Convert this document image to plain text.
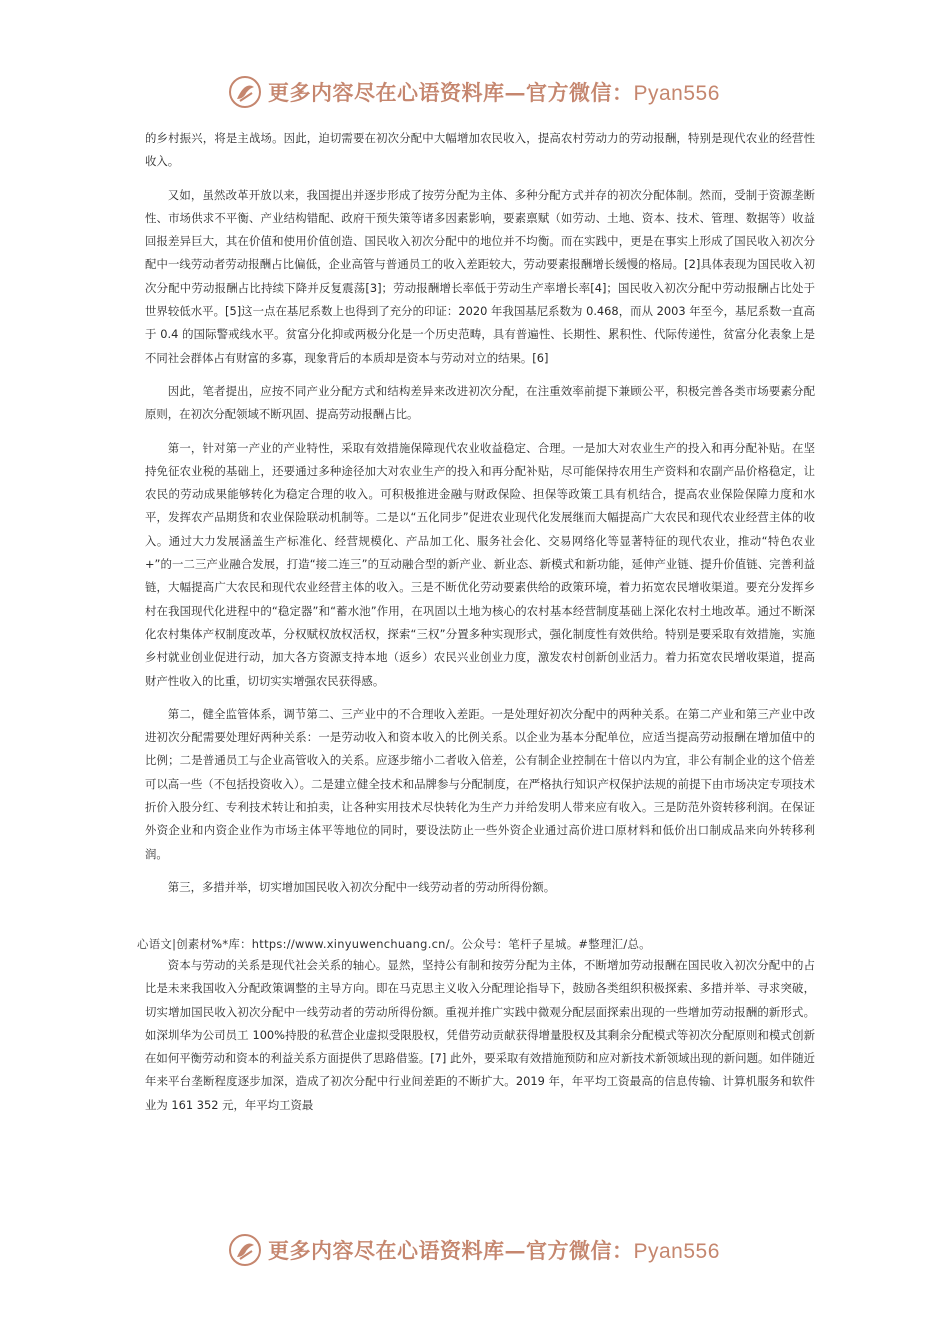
更多内容尽在心语资料库—官方微信：Pyan556

的乡村振兴，将是主战场。因此，迫切需要在初次分配中大幅增加农民收入，提高农村劳动力的劳动报酬，特别是现代农业的经营性收入。

又如，虽然改革开放以来，我国提出并逐步形成了按劳分配为主体、多种分配方式并存的初次分配体制。然而，受制于资源垄断性、市场供求不平衡、产业结构错配、政府干预失策等诸多因素影响，要素禀赋（如劳动、土地、资本、技术、管理、数据等）收益回报差异巨大，其在价值和使用价值创造、国民收入初次分配中的地位并不均衡。而在实践中，更是在事实上形成了国民收入初次分配中一线劳动者劳动报酬占比偏低，企业高管与普通员工的收入差距较大，劳动要素报酬增长缓慢的格局。[2]具体表现为国民收入初次分配中劳动报酬占比持续下降并反复震荡[3]；劳动报酬增长率低于劳动生产率增长率[4]；国民收入初次分配中劳动报酬占比处于世界较低水平。[5]这一点在基尼系数上也得到了充分的印证：2020 年我国基尼系数为 0.468，而从 2003 年至今，基尼系数一直高于 0.4 的国际警戒线水平。贫富分化抑或两极分化是一个历史范畴，具有普遍性、长期性、累积性、代际传递性，贫富分化表象上是不同社会群体占有财富的多寡，现象背后的本质却是资本与劳动对立的结果。[6]

因此，笔者提出，应按不同产业分配方式和结构差异来改进初次分配，在注重效率前提下兼顾公平，积极完善各类市场要素分配原则，在初次分配领域不断巩固、提高劳动报酬占比。

第一，针对第一产业的产业特性，采取有效措施保障现代农业收益稳定、合理。一是加大对农业生产的投入和再分配补贴。在坚持免征农业税的基础上，还要通过多种途径加大对农业生产的投入和再分配补贴，尽可能保持农用生产资料和农副产品价格稳定，让农民的劳动成果能够转化为稳定合理的收入。可积极推进金融与财政保险、担保等政策工具有机结合，提高农业保险保障力度和水平，发挥农产品期货和农业保险联动机制等。二是以“五化同步”促进农业现代化发展继而大幅提高广大农民和现代农业经营主体的收入。通过大力发展涵盖生产标准化、经营规模化、产品加工化、服务社会化、交易网络化等显著特征的现代农业，推动“特色农业+”的一二三产业融合发展，打造“接二连三”的互动融合型的新产业、新业态、新模式和新功能，延伸产业链、提升价值链、完善利益链，大幅提高广大农民和现代农业经营主体的收入。三是不断优化劳动要素供给的政策环境，着力拓宽农民增收渠道。要充分发挥乡村在我国现代化进程中的“稳定器”和“蓄水池”作用，在巩固以土地为核心的农村基本经营制度基础上深化农村土地改革。通过不断深化农村集体产权制度改革，分权赋权放权活权，探索“三权”分置多种实现形式，强化制度性有效供给。特别是要采取有效措施，实施乡村就业创业促进行动，加大各方资源支持本地（返乡）农民兴业创业力度，激发农村创新创业活力。着力拓宽农民增收渠道，提高财产性收入的比重，切切实实增强农民获得感。

第二，健全监管体系，调节第二、三产业中的不合理收入差距。一是处理好初次分配中的两种关系。在第二产业和第三产业中改进初次分配需要处理好两种关系：一是劳动收入和资本收入的比例关系。以企业为基本分配单位，应适当提高劳动报酬在增加值中的比例；二是普通员工与企业高管收入的关系。应逐步缩小二者收入倍差，公有制企业控制在十倍以内为宜，非公有制企业的这个倍差可以高一些（不包括投资收入）。二是建立健全技术和品牌参与分配制度，在严格执行知识产权保护法规的前提下由市场决定专项技术折价入股分红、专利技术转让和拍卖，让各种实用技术尽快转化为生产力并给发明人带来应有收入。三是防范外资转移利润。在保证外资企业和内资企业作为市场主体平等地位的同时，要设法防止一些外资企业通过高价进口原材料和低价出口制成品来向外转移利润。

第三，多措并举，切实增加国民收入初次分配中一线劳动者的劳动所得份额。

心语文|创素材%*库：https://www.xinyuwenchuang.cn/。公众号：笔杆子星城。#整理汇/总。

资本与劳动的关系是现代社会关系的轴心。显然，坚持公有制和按劳分配为主体，不断增加劳动报酬在国民收入初次分配中的占比是未来我国收入分配政策调整的主导方向。即在马克思主义收入分配理论指导下，鼓励各类组织积极探索、多措并举、寻求突破，切实增加国民收入初次分配中一线劳动者的劳动所得份额。重视并推广实践中微观分配层面探索出现的一些增加劳动报酬的新形式。如深圳华为公司员工 100%持股的私营企业虚拟受限股权，凭借劳动贡献获得增量股权及其剩余分配模式等初次分配原则和模式创新在如何平衡劳动和资本的利益关系方面提供了思路借鉴。[7] 此外，要采取有效措施预防和应对新技术新领域出现的新问题。如伴随近年来平台垄断程度逐步加深，造成了初次分配中行业间差距的不断扩大。2019 年，年平均工资最高的信息传输、计算机服务和软件业为 161 352 元，年平均工资最

更多内容尽在心语资料库—官方微信：Pyan556
